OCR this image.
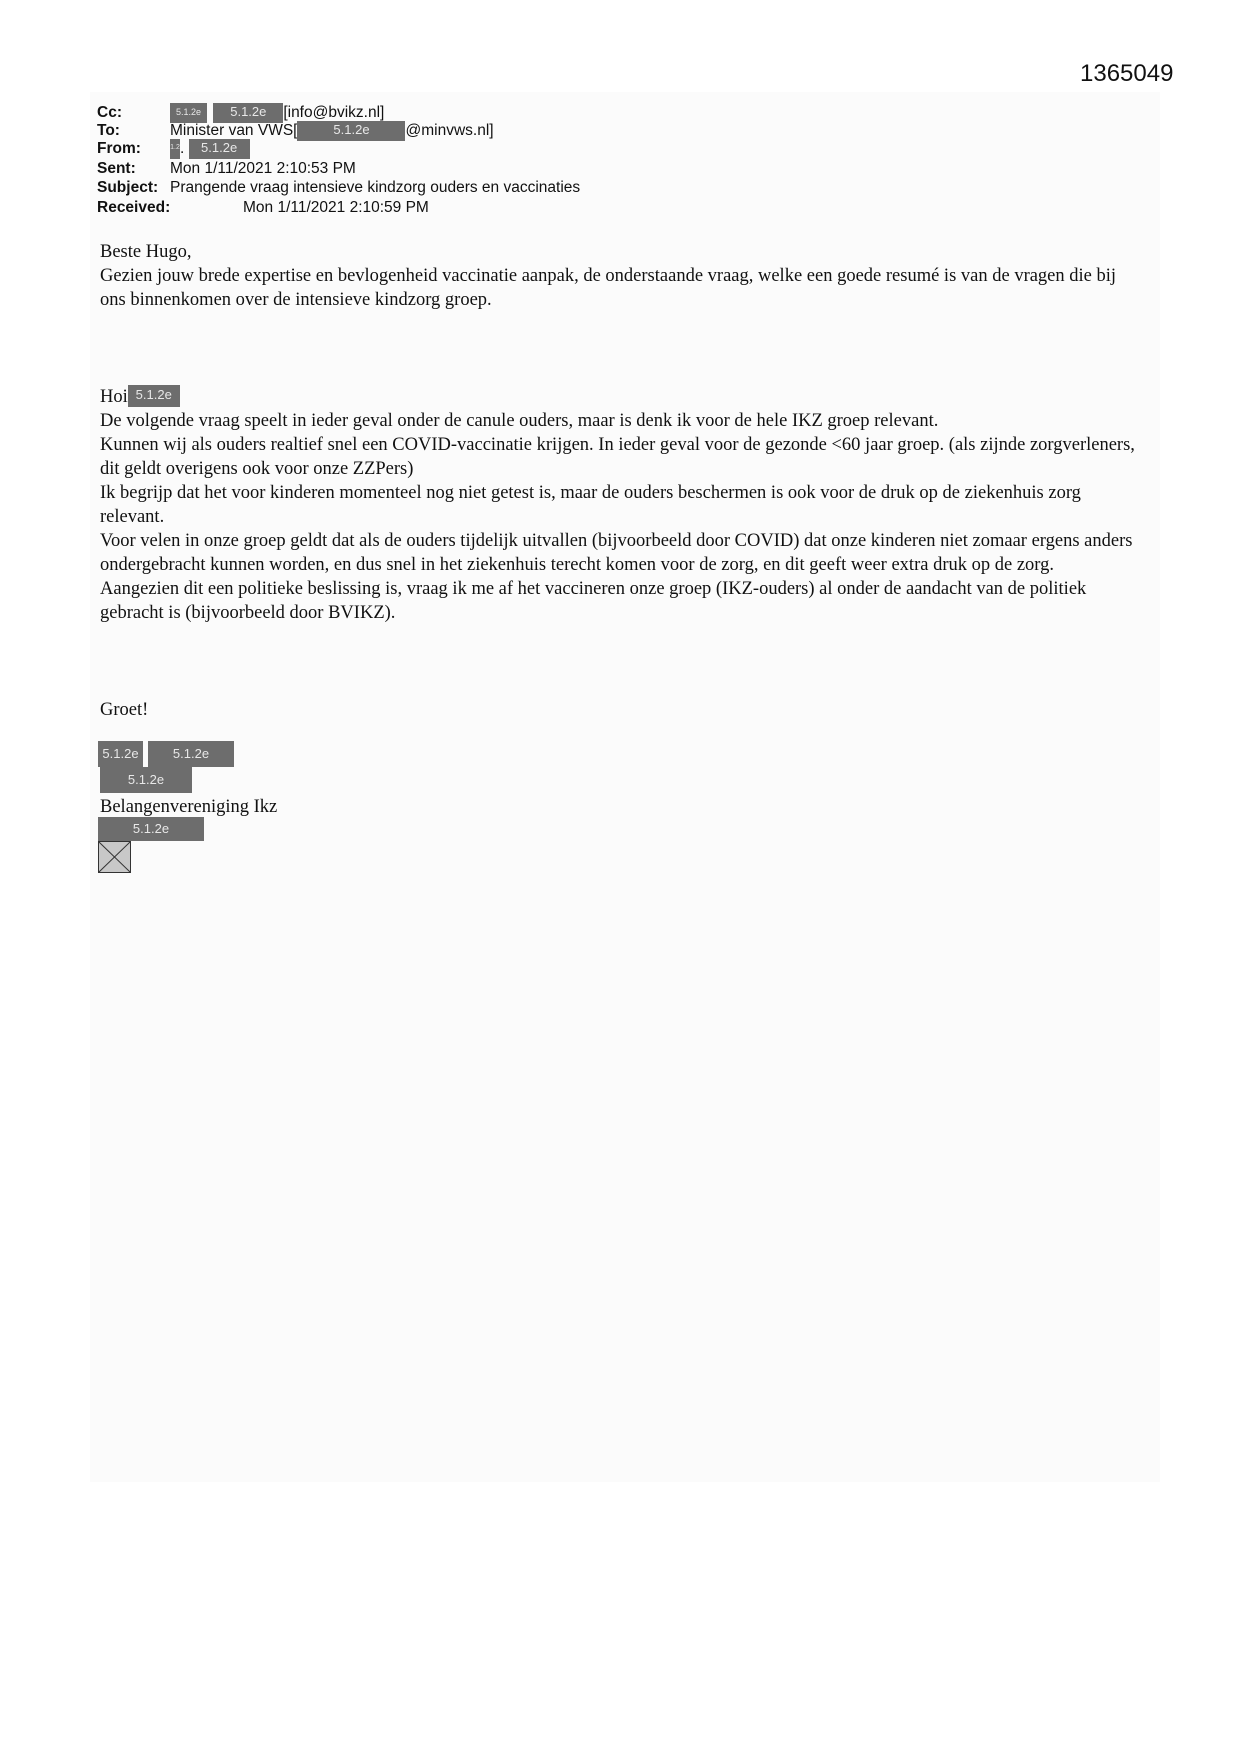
1365049
Cc:	5.1.2e 5.1.2e [info@bvikz.nl]
To:	Minister van VWS[	5.1.2e @minvws.nl]
From:	1.2. 5.1.2e
Sent: Mon 1/11/2021 2:10:53 PM
Subject: Prangende vraag intensieve kindzorg ouders en vaccinaties
Received:	Mon 1/11/2021 2:10:59 PM

Beste Hugo,

Gezien jouw brede expertise en bevlogenheid vaccinatie aanpak, de onderstaande vraag, welke een goede resumé is van de vragen die bij ons binnenkomen over de intensieve kindzorg groep.

Hoi 5.1.2e

De volgende vraag speelt in ieder geval onder de canule ouders, maar is denk ik voor de hele IKZ groep relevant.

Kunnen wij als ouders realtief snel een COVID-vaccinatie krijgen. In ieder geval voor de gezonde <60 jaar groep. (als zijnde zorgverleners, dit geldt overigens ook voor onze ZZPers)

Ik begrijp dat het voor kinderen momenteel nog niet getest is, maar de ouders beschermen is ook voor de druk op de ziekenhuis zorg relevant.

Voor velen in onze groep geldt dat als de ouders tijdelijk uitvallen (bijvoorbeeld door COVID) dat onze kinderen niet zomaar ergens anders ondergebracht kunnen worden, en dus snel in het ziekenhuis terecht komen voor de zorg, en dit geeft weer extra druk op de zorg.

Aangezien dit een politieke beslissing is, vraag ik me af het vaccineren onze groep (IKZ-ouders) al onder de aandacht van de politiek gebracht is (bijvoorbeeld door BVIKZ).

Groet!
5.1.2e	5.1.2e
5.1.2e
Belangenvereniging Ikz
5.1.2e
